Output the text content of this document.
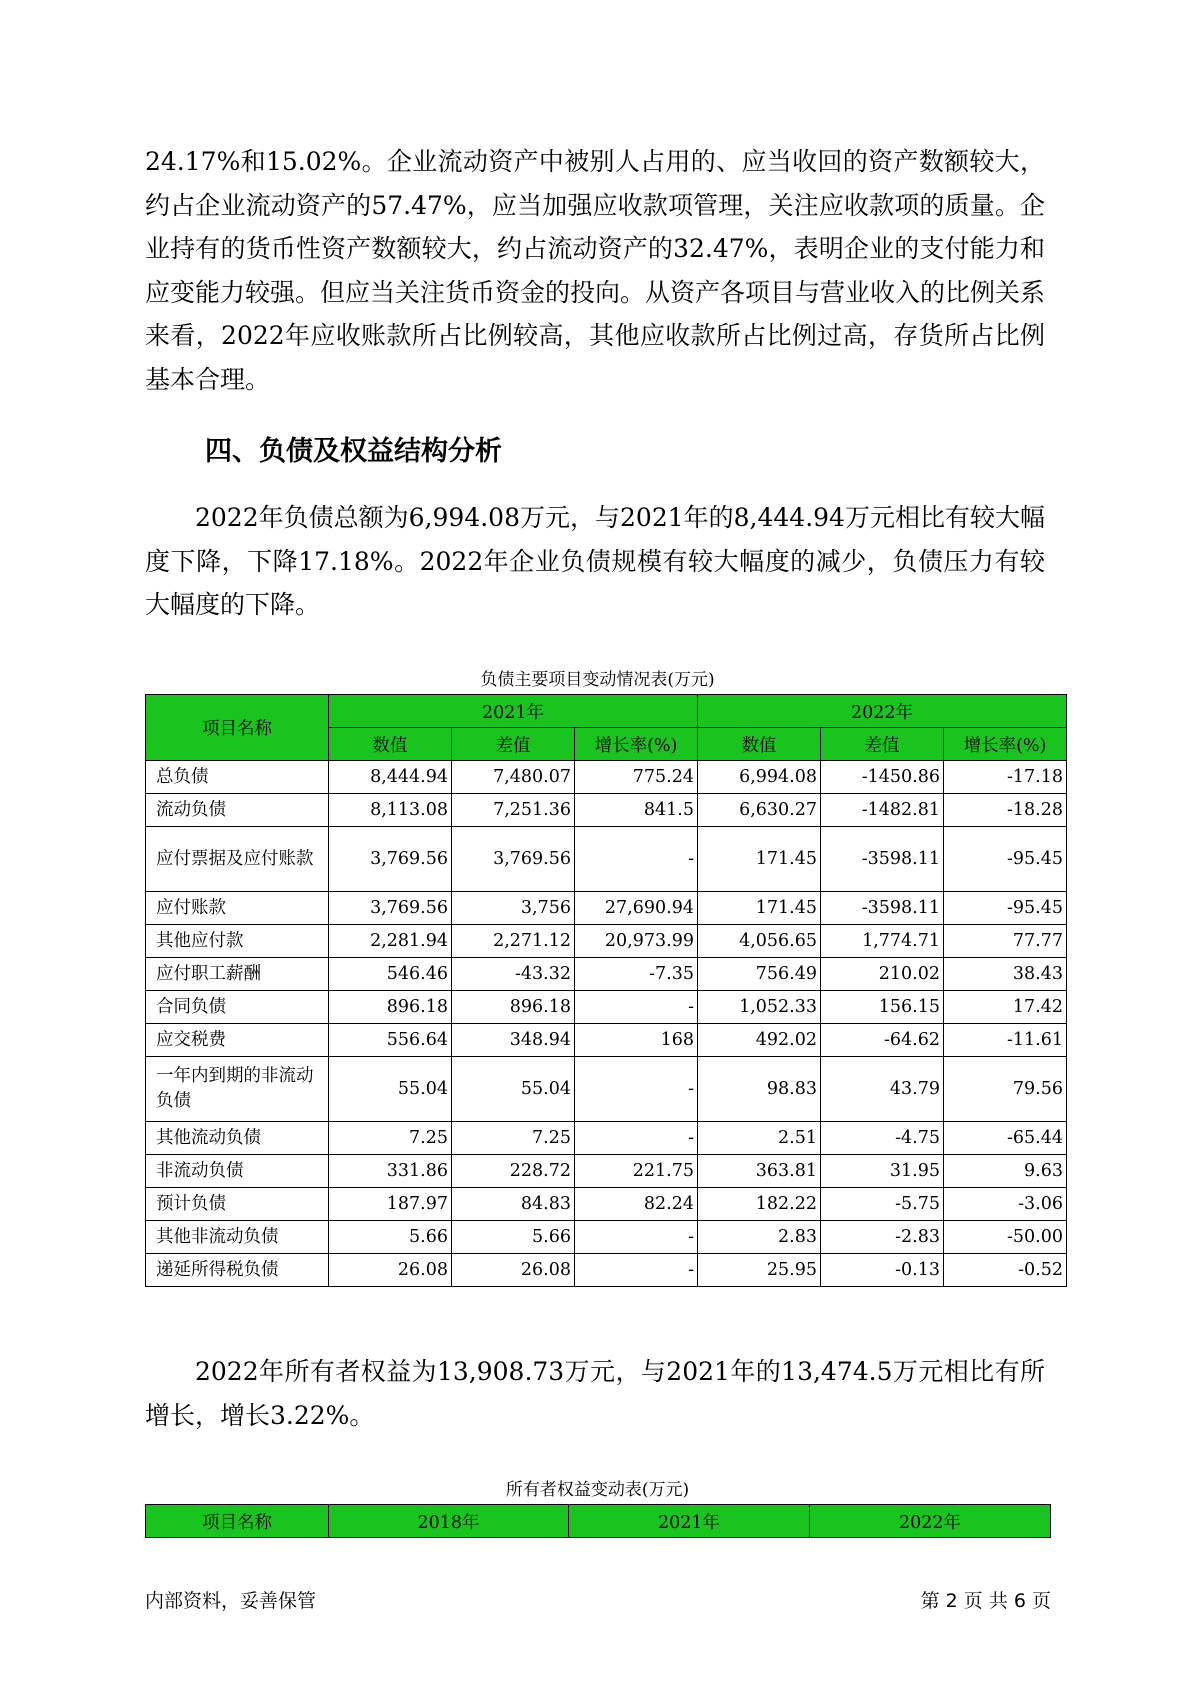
24.17%和15.02%。企业流动资产中被别人占用的、应当收回的资产数额较大，约占企业流动资产的57.47%，应当加强应收款项管理，关注应收款项的质量。企业持有的货币性资产数额较大，约占流动资产的32.47%，表明企业的支付能力和应变能力较强。但应当关注货币资金的投向。从资产各项目与营业收入的比例关系来看，2022年应收账款所占比例较高，其他应收款所占比例过高，存货所占比例基本合理。

四、负债及权益结构分析

2022年负债总额为6,994.08万元，与2021年的8,444.94万元相比有较大幅度下降，下降17.18%。2022年企业负债规模有较大幅度的减少，负债压力有较大幅度的下降。

负债主要项目变动情况表(万元)
项目名称	2021年			2022年		
	数值	差值	增长率(%)	数值	差值	增长率(%)
总负债	8,444.94	7,480.07	775.24	6,994.08	-1450.86	-17.18
流动负债	8,113.08	7,251.36	841.5	6,630.27	-1482.81	-18.28
应付票据及应付账款	3,769.56	3,769.56	-	171.45	-3598.11	-95.45
应付账款	3,769.56	3,756	27,690.94	171.45	-3598.11	-95.45
其他应付款	2,281.94	2,271.12	20,973.99	4,056.65	1,774.71	77.77
应付职工薪酬	546.46	-43.32	-7.35	756.49	210.02	38.43
合同负债	896.18	896.18	-	1,052.33	156.15	17.42
应交税费	556.64	348.94	168	492.02	-64.62	-11.61
一年内到期的非流动负债	55.04	55.04	-	98.83	43.79	79.56
其他流动负债	7.25	7.25	-	2.51	-4.75	-65.44
非流动负债	331.86	228.72	221.75	363.81	31.95	9.63
预计负债	187.97	84.83	82.24	182.22	-5.75	-3.06
其他非流动负债	5.66	5.66	-	2.83	-2.83	-50.00
递延所得税负债	26.08	26.08	-	25.95	-0.13	-0.52

2022年所有者权益为13,908.73万元，与2021年的13,474.5万元相比有所增长，增长3.22%。

所有者权益变动表(万元)
项目名称	2018年	2021年	2022年
内部资料，妥善保管	第 2 页 共 6 页
